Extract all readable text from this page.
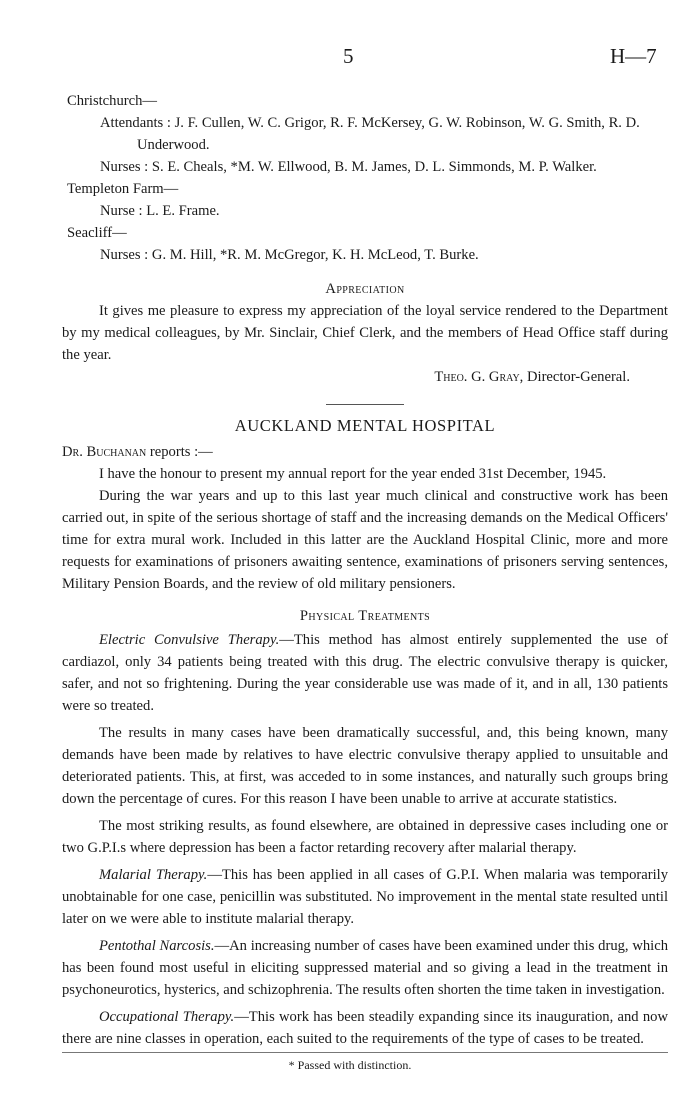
5	H—7
Christchurch—
Attendants : J. F. Cullen, W. C. Grigor, R. F. McKersey, G. W. Robinson, W. G. Smith, R. D. Underwood.
Nurses : S. E. Cheals, *M. W. Ellwood, B. M. James, D. L. Simmonds, M. P. Walker.
Templeton Farm—
Nurse : L. E. Frame.
Seacliff—
Nurses : G. M. Hill, *R. M. McGregor, K. H. McLeod, T. Burke.
Appreciation

It gives me pleasure to express my appreciation of the loyal service rendered to the Department by my medical colleagues, by Mr. Sinclair, Chief Clerk, and the members of Head Office staff during the year.

Theo. G. Gray, Director-General.
AUCKLAND MENTAL HOSPITAL
Dr. Buchanan reports :—

I have the honour to present my annual report for the year ended 31st December, 1945.

During the war years and up to this last year much clinical and constructive work has been carried out, in spite of the serious shortage of staff and the increasing demands on the Medical Officers' time for extra mural work. Included in this latter are the Auckland Hospital Clinic, more and more requests for examinations of prisoners awaiting sentence, examinations of prisoners serving sentences, Military Pension Boards, and the review of old military pensioners.

Physical Treatments

Electric Convulsive Therapy.—This method has almost entirely supplemented the use of cardiazol, only 34 patients being treated with this drug. The electric convulsive therapy is quicker, safer, and not so frightening. During the year considerable use was made of it, and in all, 130 patients were so treated.

The results in many cases have been dramatically successful, and, this being known, many demands have been made by relatives to have electric convulsive therapy applied to unsuitable and deteriorated patients. This, at first, was acceded to in some instances, and naturally such groups bring down the percentage of cures. For this reason I have been unable to arrive at accurate statistics.

The most striking results, as found elsewhere, are obtained in depressive cases including one or two G.P.I.s where depression has been a factor retarding recovery after malarial therapy.

Malarial Therapy.—This has been applied in all cases of G.P.I. When malaria was temporarily unobtainable for one case, penicillin was substituted. No improvement in the mental state resulted until later on we were able to institute malarial therapy.

Pentothal Narcosis.—An increasing number of cases have been examined under this drug, which has been found most useful in eliciting suppressed material and so giving a lead in the treatment in psychoneurotics, hysterics, and schizophrenia. The results often shorten the time taken in investigation.

Occupational Therapy.—This work has been steadily expanding since its inauguration, and now there are nine classes in operation, each suited to the requirements of the type of cases to be treated.

* Passed with distinction.
